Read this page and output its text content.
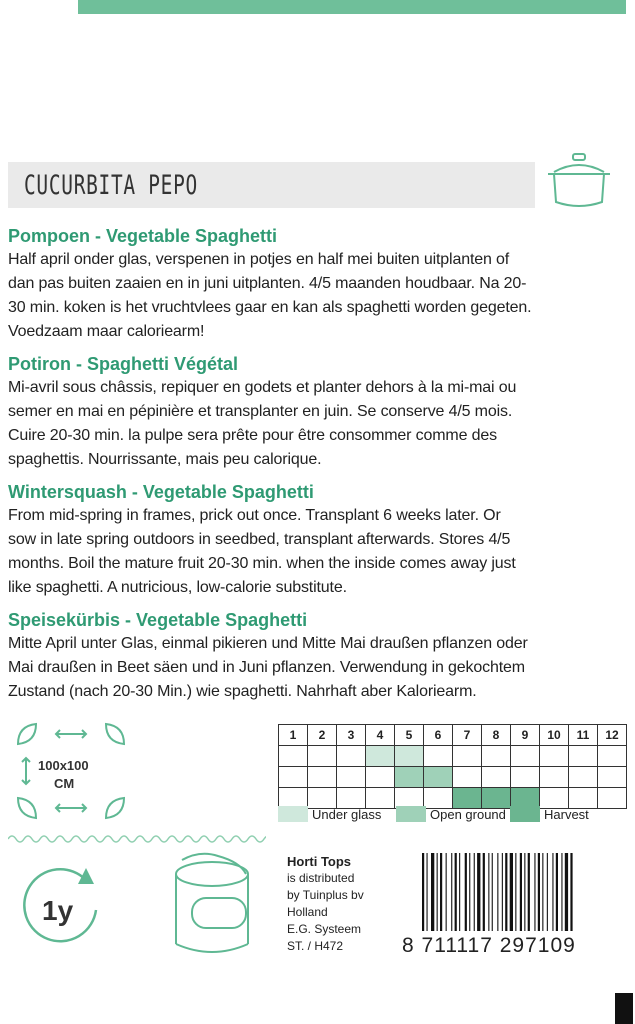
CUCURBITA PEPO

Pompoen - Vegetable Spaghetti

Half april onder glas, verspenen in potjes en half mei buiten uitplanten of

dan pas buiten zaaien en in juni uitplanten. 4/5 maanden houdbaar. Na 20-

30 min. koken is het vruchtvlees gaar en kan als spaghetti worden gegeten.

Voedzaam maar caloriearm!

Potiron - Spaghetti Végétal

Mi-avril sous châssis, repiquer en godets et planter dehors à la mi-mai ou

semer en mai en pépinière et transplanter en juin. Se conserve 4/5 mois.

Cuire 20-30 min. la pulpe sera prête pour être consommer comme des

spaghettis. Nourrissante, mais peu calorique.

Wintersquash - Vegetable Spaghetti

From mid-spring in frames, prick out once. Transplant 6 weeks later. Or

sow in late spring outdoors in seedbed, transplant afterwards. Stores 4/5

months. Boil the mature fruit 20-30 min. when the inside comes away just

like spaghetti. A nutricious, low-calorie substitute.

Speisekürbis - Vegetable Spaghetti

Mitte April unter Glas, einmal pikieren und Mitte Mai draußen pflanzen oder

Mai draußen in Beet säen und in Juni pflanzen. Verwendung in gekochtem

Zustand (nach 20-30 Min.) wie spaghetti. Nahrhaft aber Kaloriearm.

100x100
CM
1	2	3	4	5	6	7	8	9	10	11	12

Under glass	Open ground	Harvest
1y
Horti Tops
is distributed
by Tuinplus bv
Holland
E.G. Systeem
ST. / H472	8 711117 297109
